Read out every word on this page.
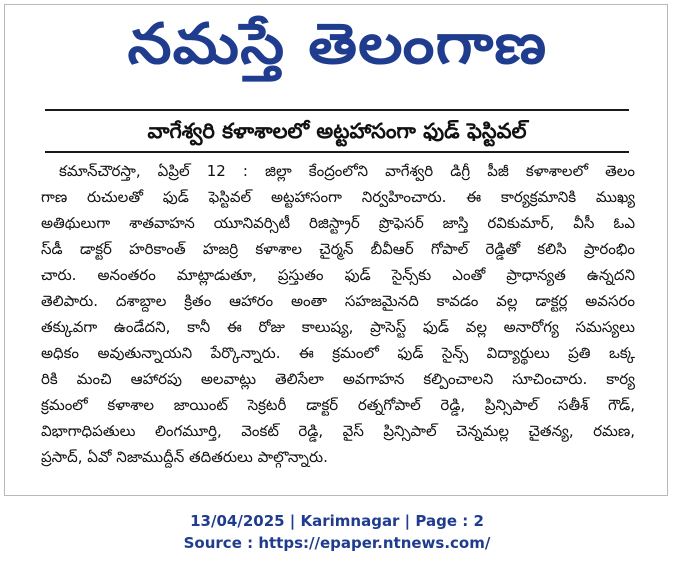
నమస్తే తెలంగాణ
వాగేశ్వరి కళాశాలలో అట్టహాసంగా ఫుడ్ ఫెస్టివల్
కమాన్‌చౌరస్తా, ఏప్రిల్ 12 : జిల్లా కేంద్రంలోని వాగేశ్వరి డిగ్రీ పీజీ కళాశాలలో తెలం
గాణ రుచులతో ఫుడ్ ఫెస్టివల్ అట్టహాసంగా నిర్వహించారు. ఈ కార్యక్రమానికి ముఖ్య
అతిథులుగా శాతవాహన యూనివర్సిటీ రిజిస్ట్రార్ ప్రొఫెసర్ జాస్తి రవికుమార్, వీసీ ఓఎ
స్‌డీ డాక్టర్ హరికాంత్ హజర్రి కళాశాల చైర్మన్ బీవీఆర్ గోపాల్ రెడ్డితో కలిసి ప్రారంభిం
చారు. అనంతరం మాట్లాడుతూ, ప్రస్తుతం ఫుడ్ సైన్స్‌కు ఎంతో ప్రాధాన్యత ఉన్నదని
తెలిపారు. దశాబ్దాల క్రితం ఆహారం అంతా సహజమైనది కావడం వల్ల డాక్టర్ల అవసరం
తక్కువగా ఉండేదని, కానీ ఈ రోజు కాలుష్య, ప్రాసెస్ట్ ఫుడ్ వల్ల అనారోగ్య సమస్యలు
అధికం అవుతున్నాయని పేర్కొన్నారు. ఈ క్రమంలో ఫుడ్ సైన్స్ విద్యార్థులు ప్రతి ఒక్క
రికి మంచి ఆహారపు అలవాట్లు తెలిసేలా అవగాహన కల్పించాలని సూచించారు. కార్య
క్రమంలో కళాశాల జాయింట్ సెక్రటరీ డాక్టర్ రత్నగోపాల్ రెడ్డి, ప్రిన్సిపాల్ సతీశ్ గౌడ్,
విభాగాధిపతులు లింగమూర్తి, వెంకట్ రెడ్డి, వైస్ ప్రిన్సిపాల్ చెన్నమల్ల చైతన్య, రమణ,
ప్రసాద్, ఏవో నిజాముద్దీన్ తదితరులు పాల్గొన్నారు.
13/04/2025 | Karimnagar | Page : 2
Source : https://epaper.ntnews.com/
